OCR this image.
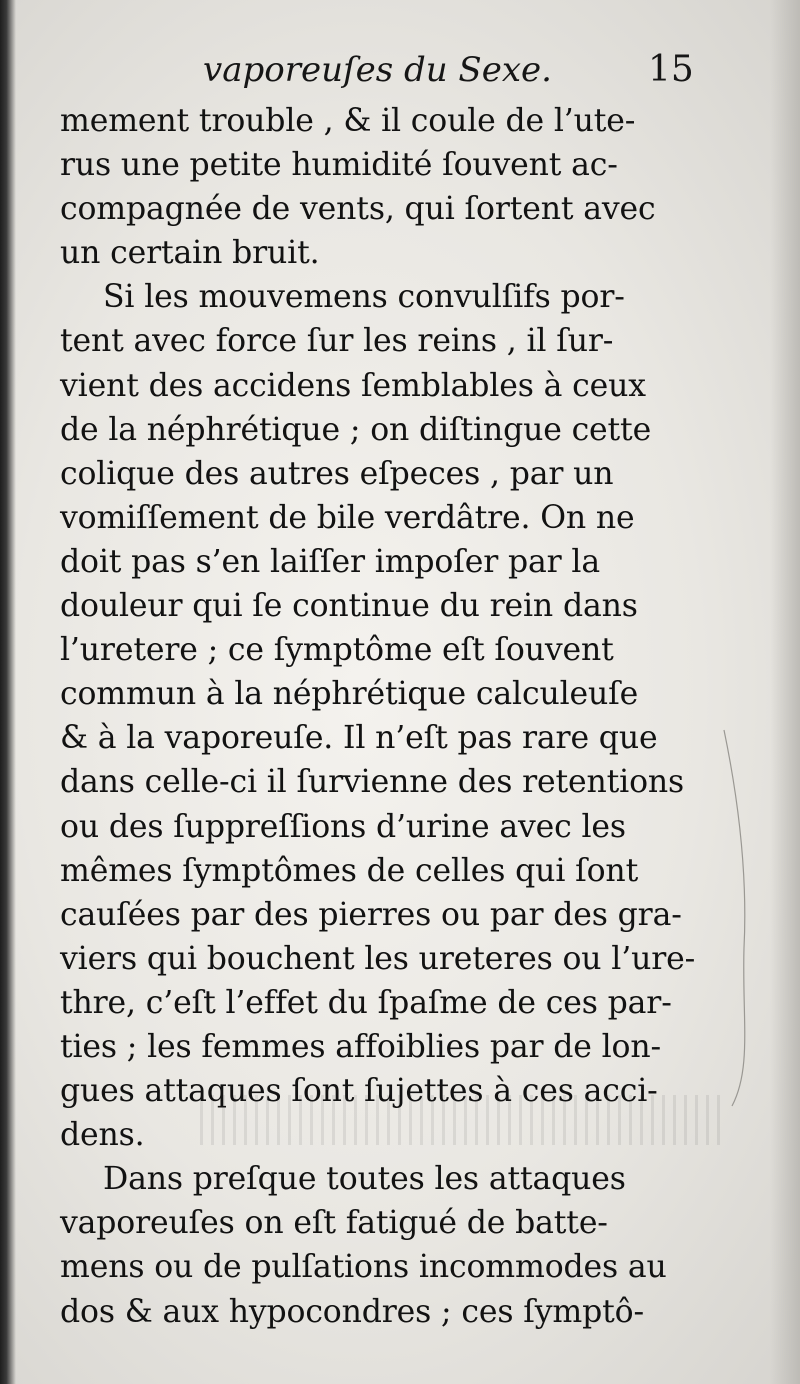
vaporeuſes du Sexe.	15
mement trouble , & il coule de l’ute-
rus une petite humidité ſouvent ac-
compagnée de vents, qui ſortent avec
un certain bruit.
Si les mouvemens convulſifs por-
tent avec force ſur les reins , il ſur-
vient des accidens ſemblables à ceux
de la néphrétique ; on diſtingue cette
colique des autres eſpeces , par un
vomiſſement de bile verdâtre. On ne
doit pas s’en laiſſer impoſer par la
douleur qui ſe continue du rein dans
l’uretere ; ce ſymptôme eſt ſouvent
commun à la néphrétique calculeuſe
& à la vaporeuſe. Il n’eſt pas rare que
dans celle-ci il ſurvienne des retentions
ou des ſuppreſſions d’urine avec les
mêmes ſymptômes de celles qui ſont
cauſées par des pierres ou par des gra-
viers qui bouchent les ureteres ou l’ure-
thre, c’eſt l’effet du ſpaſme de ces par-
ties ; les femmes affoiblies par de lon-
gues attaques ſont ſujettes à ces acci-
dens.
Dans preſque toutes les attaques
vaporeuſes on eſt fatigué de batte-
mens ou de pulſations incommodes au
dos & aux hypocondres ; ces ſymptô-
